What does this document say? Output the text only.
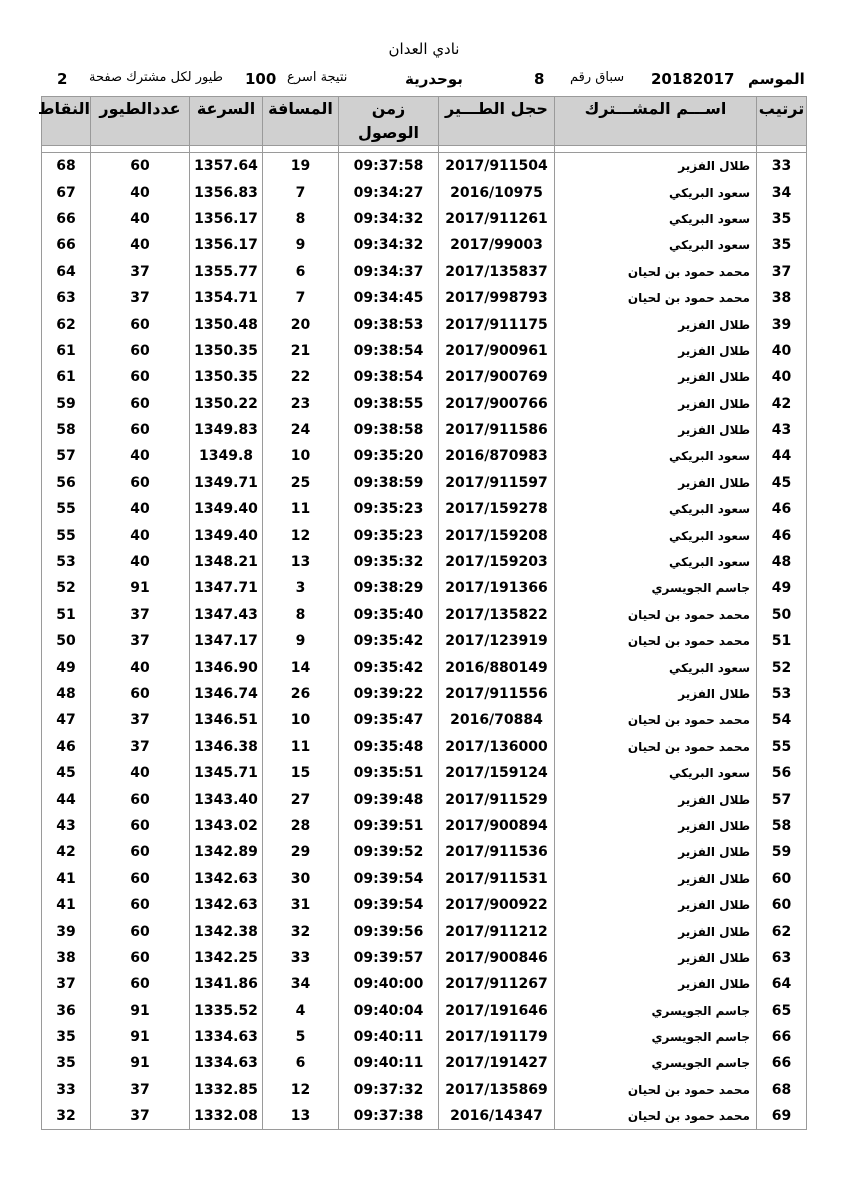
نادي العدان
الموسم
20182017
سباق رقم
8
بوحدرية
نتيجة اسرع
100
طيور لكل مشترك صفحة
2
ترتيب	اســـم المشـــترك	حجل الطـــير	زمن الوصول	المسافة	السرعة	عددالطيور	النقاط

33	طلال الفزير	2017/911504	09:37:58	19	1357.64	60	68
34	سعود البريكي	2016/10975	09:34:27	7	1356.83	40	67
35	سعود البريكي	2017/911261	09:34:32	8	1356.17	40	66
35	سعود البريكي	2017/99003	09:34:32	9	1356.17	40	66
37	محمد حمود بن لحيان	2017/135837	09:34:37	6	1355.77	37	64
38	محمد حمود بن لحيان	2017/998793	09:34:45	7	1354.71	37	63
39	طلال الفزير	2017/911175	09:38:53	20	1350.48	60	62
40	طلال الفزير	2017/900961	09:38:54	21	1350.35	60	61
40	طلال الفزير	2017/900769	09:38:54	22	1350.35	60	61
42	طلال الفزير	2017/900766	09:38:55	23	1350.22	60	59
43	طلال الفزير	2017/911586	09:38:58	24	1349.83	60	58
44	سعود البريكي	2016/870983	09:35:20	10	1349.8	40	57
45	طلال الفزير	2017/911597	09:38:59	25	1349.71	60	56
46	سعود البريكي	2017/159278	09:35:23	11	1349.40	40	55
46	سعود البريكي	2017/159208	09:35:23	12	1349.40	40	55
48	سعود البريكي	2017/159203	09:35:32	13	1348.21	40	53
49	جاسم الجويسري	2017/191366	09:38:29	3	1347.71	91	52
50	محمد حمود بن لحيان	2017/135822	09:35:40	8	1347.43	37	51
51	محمد حمود بن لحيان	2017/123919	09:35:42	9	1347.17	37	50
52	سعود البريكي	2016/880149	09:35:42	14	1346.90	40	49
53	طلال الفزير	2017/911556	09:39:22	26	1346.74	60	48
54	محمد حمود بن لحيان	2016/70884	09:35:47	10	1346.51	37	47
55	محمد حمود بن لحيان	2017/136000	09:35:48	11	1346.38	37	46
56	سعود البريكي	2017/159124	09:35:51	15	1345.71	40	45
57	طلال الفزير	2017/911529	09:39:48	27	1343.40	60	44
58	طلال الفزير	2017/900894	09:39:51	28	1343.02	60	43
59	طلال الفزير	2017/911536	09:39:52	29	1342.89	60	42
60	طلال الفزير	2017/911531	09:39:54	30	1342.63	60	41
60	طلال الفزير	2017/900922	09:39:54	31	1342.63	60	41
62	طلال الفزير	2017/911212	09:39:56	32	1342.38	60	39
63	طلال الفزير	2017/900846	09:39:57	33	1342.25	60	38
64	طلال الفزير	2017/911267	09:40:00	34	1341.86	60	37
65	جاسم الجويسري	2017/191646	09:40:04	4	1335.52	91	36
66	جاسم الجويسري	2017/191179	09:40:11	5	1334.63	91	35
66	جاسم الجويسري	2017/191427	09:40:11	6	1334.63	91	35
68	محمد حمود بن لحيان	2017/135869	09:37:32	12	1332.85	37	33
69	محمد حمود بن لحيان	2016/14347	09:37:38	13	1332.08	37	32
